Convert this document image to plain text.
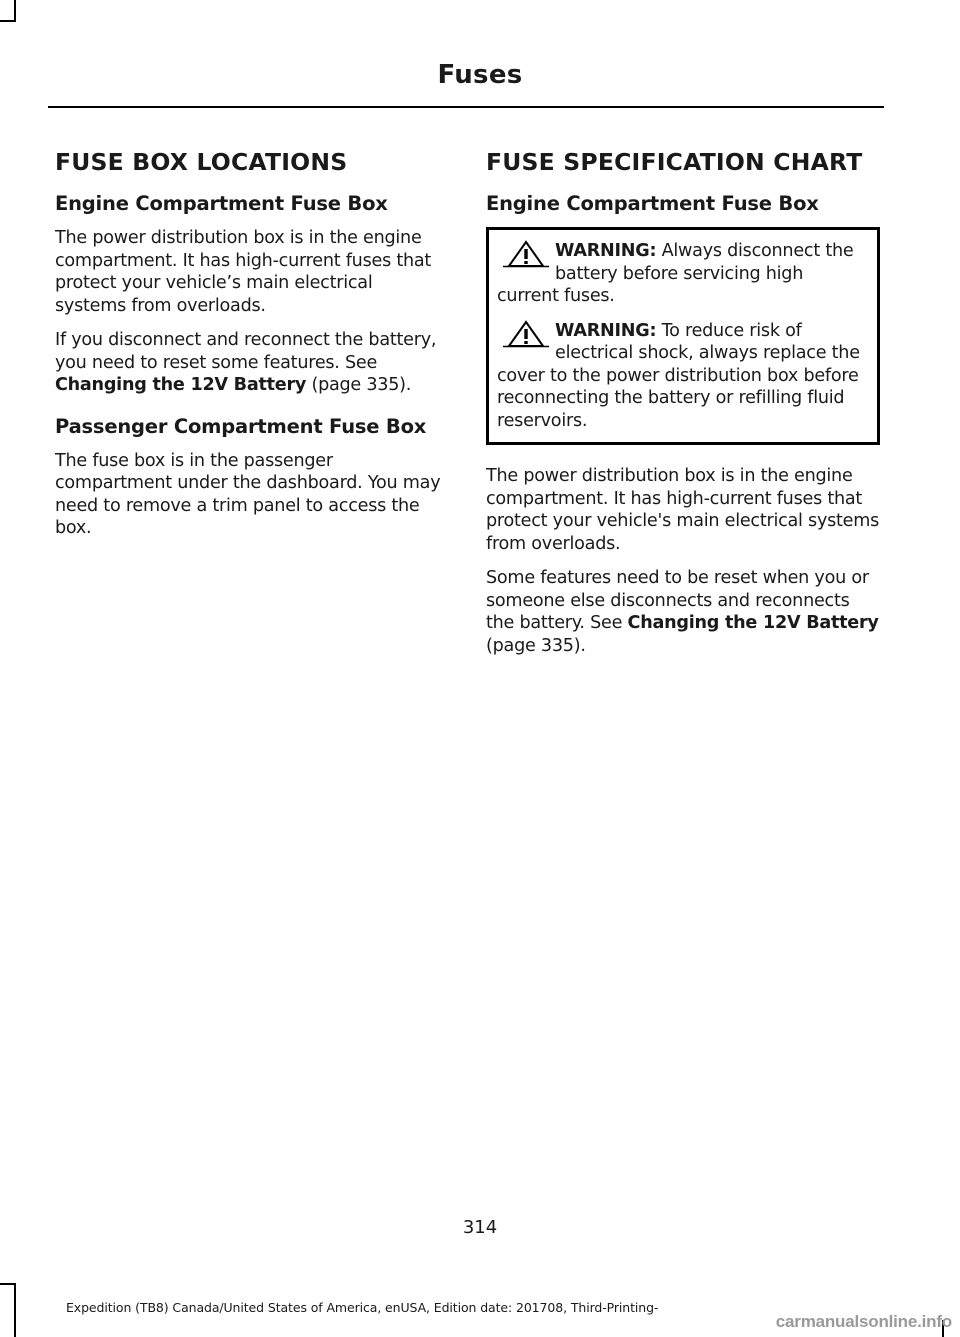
Fuses
FUSE BOX LOCATIONS
Engine Compartment Fuse Box

The power distribution box is in the engine compartment. It has high-current fuses that protect your vehicle’s main electrical systems from overloads.

If you disconnect and reconnect the battery, you need to reset some features. See Changing the 12V Battery (page 335).

Passenger Compartment Fuse Box

The fuse box is in the passenger compartment under the dashboard. You may need to remove a trim panel to access the box.

FUSE SPECIFICATION CHART
Engine Compartment Fuse Box

WARNING: Always disconnect the battery before servicing high current fuses.

WARNING: To reduce risk of electrical shock, always replace the cover to the power distribution box before reconnecting the battery or refilling fluid reservoirs.

The power distribution box is in the engine compartment. It has high-current fuses that protect your vehicle's main electrical systems from overloads.

Some features need to be reset when you or someone else disconnects and reconnects the battery. See Changing the 12V Battery (page 335).

314
Expedition (TB8) Canada/United States of America, enUSA, Edition date: 201708, Third-Printing-
carmanualsonline.info
